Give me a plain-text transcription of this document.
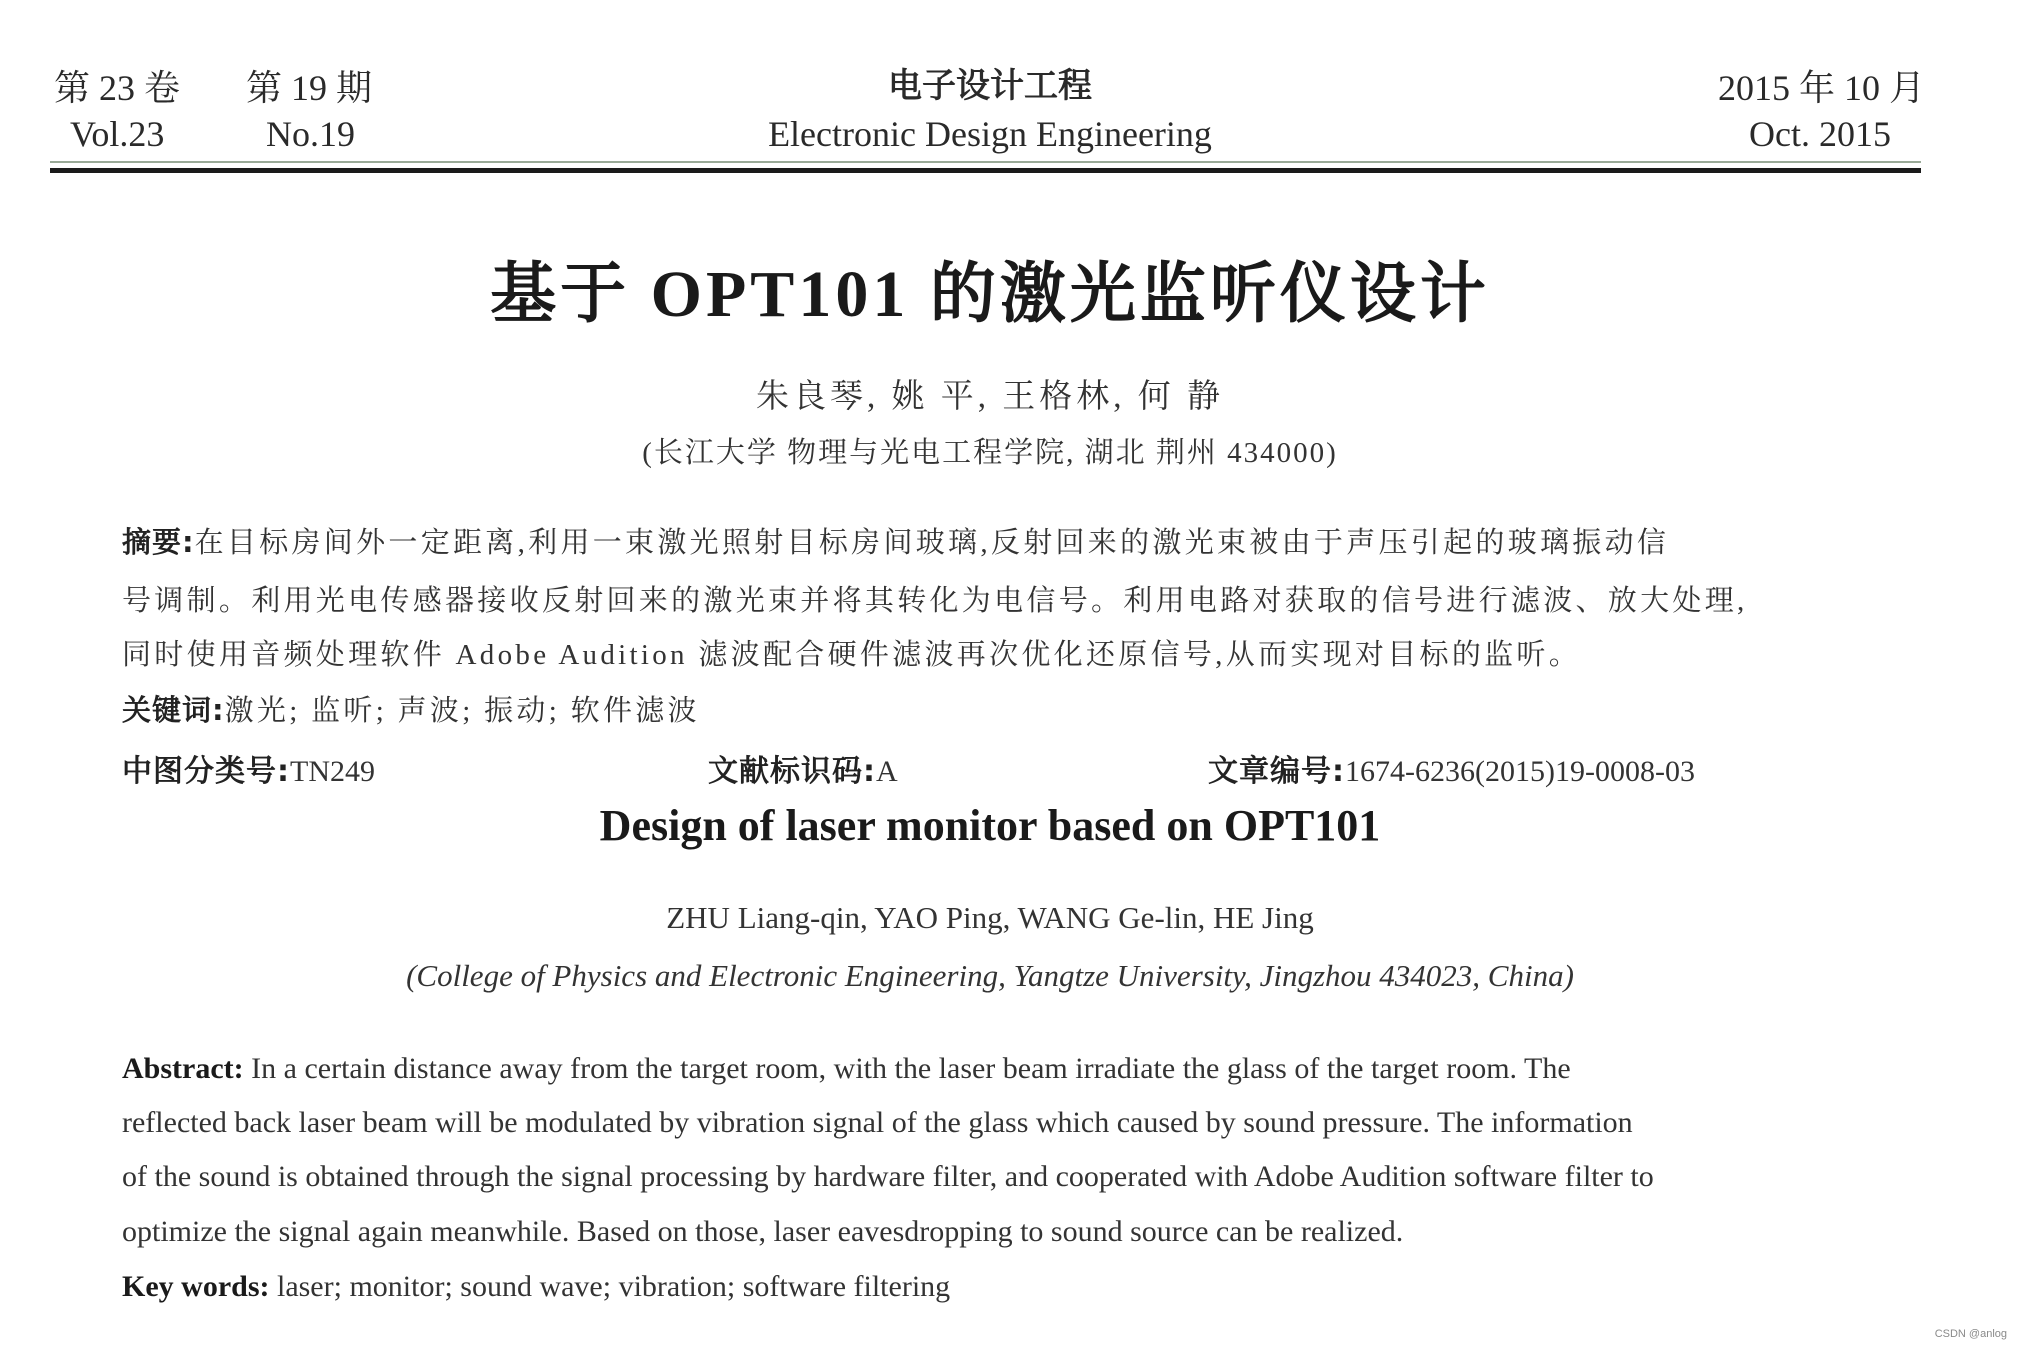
第 23 卷
Vol.23
第 19 期
No.19
电子设计工程
Electronic Design Engineering
2015 年 10 月
Oct. 2015
基于 OPT101 的激光监听仪设计
朱良琴, 姚 平, 王格林, 何 静
(长江大学 物理与光电工程学院, 湖北 荆州 434000)
摘要:在目标房间外一定距离,利用一束激光照射目标房间玻璃,反射回来的激光束被由于声压引起的玻璃振动信
号调制。利用光电传感器接收反射回来的激光束并将其转化为电信号。利用电路对获取的信号进行滤波、放大处理,
同时使用音频处理软件 Adobe Audition 滤波配合硬件滤波再次优化还原信号,从而实现对目标的监听。
关键词:激光; 监听; 声波; 振动; 软件滤波
中图分类号:TN249	文献标识码:A	文章编号:1674-6236(2015)19-0008-03
Design of laser monitor based on OPT101
ZHU Liang-qin, YAO Ping, WANG Ge-lin, HE Jing
(College of Physics and Electronic Engineering, Yangtze University, Jingzhou 434023, China)
Abstract: In a certain distance away from the target room, with the laser beam irradiate the glass of the target room. The
reflected back laser beam will be modulated by vibration signal of the glass which caused by sound pressure. The information
of the sound is obtained through the signal processing by hardware filter, and cooperated with Adobe Audition software filter to
optimize the signal again meanwhile. Based on those, laser eavesdropping to sound source can be realized.
Key words: laser; monitor; sound wave; vibration; software filtering
CSDN @anlog
